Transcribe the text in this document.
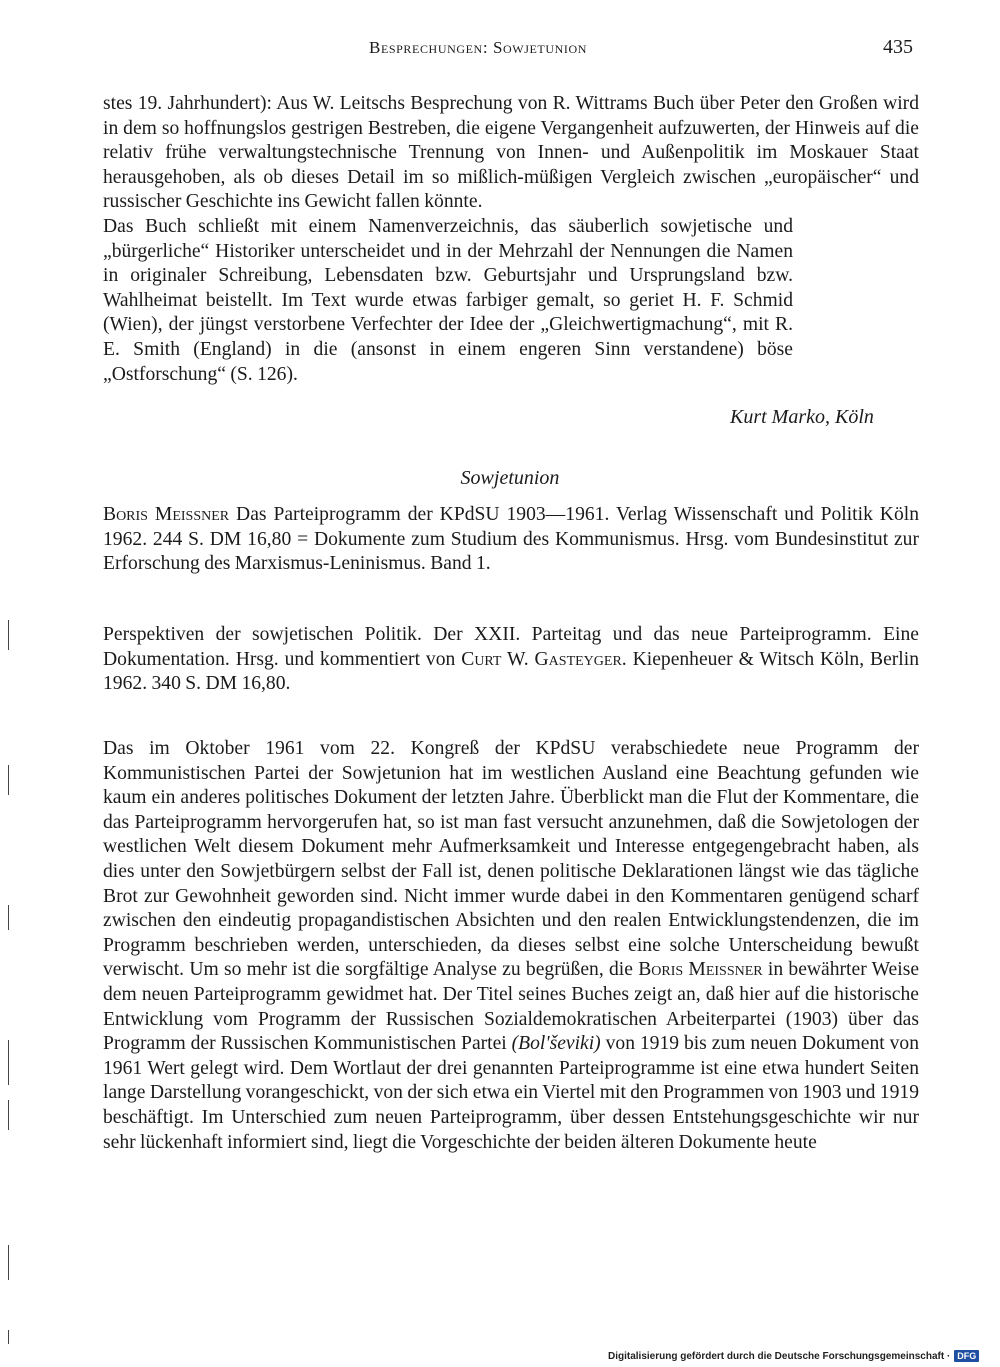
Besprechungen: Sowjetunion	435

stes 19. Jahrhundert): Aus W. Leitschs Besprechung von R. Wittrams Buch über Peter den Großen wird in dem so hoffnungslos gestrigen Bestreben, die eigene Vergangenheit aufzuwerten, der Hinweis auf die relativ frühe verwaltungstechnische Trennung von Innen- und Außenpolitik im Moskauer Staat herausgehoben, als ob dieses Detail im so mißlich-müßigen Vergleich zwischen „europäischer“ und russischer Geschichte ins Gewicht fallen könnte.

Das Buch schließt mit einem Namenverzeichnis, das säuberlich sowjetische und „bürgerliche“ Historiker unterscheidet und in der Mehrzahl der Nennungen die Namen in originaler Schreibung, Lebensdaten bzw. Geburtsjahr und Ursprungsland bzw. Wahlheimat beistellt. Im Text wurde etwas farbiger gemalt, so geriet H. F. Schmid (Wien), der jüngst verstorbene Verfechter der Idee der „Gleichwertigmachung“, mit R. E. Smith (England) in die (ansonst in einem engeren Sinn verstandene) böse „Ostforschung“ (S. 126).

Kurt Marko, Köln
Sowjetunion

Boris Meissner Das Parteiprogramm der KPdSU 1903—1961. Verlag Wissenschaft und Politik Köln 1962. 244 S. DM 16,80 = Dokumente zum Studium des Kommunismus. Hrsg. vom Bundesinstitut zur Erforschung des Marxismus-Leninismus. Band 1.

Perspektiven der sowjetischen Politik. Der XXII. Parteitag und das neue Parteiprogramm. Eine Dokumentation. Hrsg. und kommentiert von Curt W. Gasteyger. Kiepenheuer & Witsch Köln, Berlin 1962. 340 S. DM 16,80.

Das im Oktober 1961 vom 22. Kongreß der KPdSU verabschiedete neue Programm der Kommunistischen Partei der Sowjetunion hat im westlichen Ausland eine Beachtung gefunden wie kaum ein anderes politisches Dokument der letzten Jahre. Überblickt man die Flut der Kommentare, die das Parteiprogramm hervorgerufen hat, so ist man fast versucht anzunehmen, daß die Sowjetologen der westlichen Welt diesem Dokument mehr Aufmerksamkeit und Interesse entgegengebracht haben, als dies unter den Sowjetbürgern selbst der Fall ist, denen politische Deklarationen längst wie das tägliche Brot zur Gewohnheit geworden sind. Nicht immer wurde dabei in den Kommentaren genügend scharf zwischen den eindeutig propagandistischen Absichten und den realen Entwicklungstendenzen, die im Programm beschrieben werden, unterschieden, da dieses selbst eine solche Unterscheidung bewußt verwischt. Um so mehr ist die sorgfältige Analyse zu begrüßen, die Boris Meissner in bewährter Weise dem neuen Parteiprogramm gewidmet hat. Der Titel seines Buches zeigt an, daß hier auf die historische Entwicklung vom Programm der Russischen Sozialdemokratischen Arbeiterpartei (1903) über das Programm der Russischen Kommunistischen Partei (Bol'ševiki) von 1919 bis zum neuen Dokument von 1961 Wert gelegt wird. Dem Wortlaut der drei genannten Parteiprogramme ist eine etwa hundert Seiten lange Darstellung vorangeschickt, von der sich etwa ein Viertel mit den Programmen von 1903 und 1919 beschäftigt. Im Unterschied zum neuen Parteiprogramm, über dessen Entstehungsgeschichte wir nur sehr lückenhaft informiert sind, liegt die Vorgeschichte der beiden älteren Dokumente heute

Digitalisierung gefördert durch die Deutsche Forschungsgemeinschaft · DFG
